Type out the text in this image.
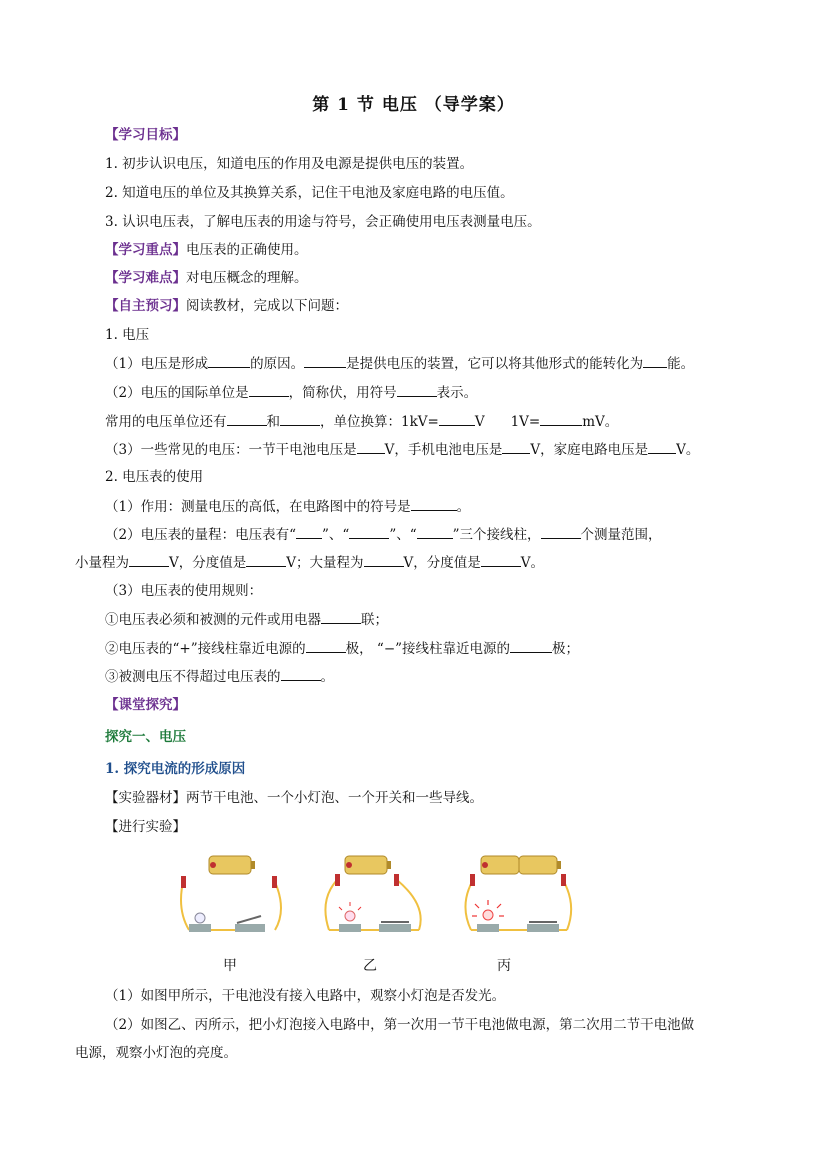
第 1 节 电压 （导学案）
【学习目标】
1. 初步认识电压，知道电压的作用及电源是提供电压的装置。
2. 知道电压的单位及其换算关系，记住干电池及家庭电路的电压值。
3. 认识电压表，了解电压表的用途与符号，会正确使用电压表测量电压。
【学习重点】电压表的正确使用。
【学习难点】对电压概念的理解。
【自主预习】阅读教材，完成以下问题：
1. 电压
（1）电压是形成	的原因。	是提供电压的装置，它可以将其他形式的能转化为 能。
（2）电压的国际单位是	，简称伏，用符号	表示。
常用的电压单位还有	和	，单位换算：1kV=	V 1V=	mV。
（3）一些常见的电压：一节干电池电压是 V，手机电池电压是 V，家庭电路电压是 V。
2. 电压表的使用
（1）作用：测量电压的高低，在电路图中的符号是	。
（2）电压表的量程：电压表有“ ”、“	”、“	”三个接线柱，	个测量范围，
小量程为	V，分度值是	V；大量程为	V，分度值是	V。
（3）电压表的使用规则：
①电压表必须和被测的元件或用电器	联；
②电压表的“+”接线柱靠近电源的	极， “−”接线柱靠近电源的	极；
③被测电压不得超过电压表的	。
【课堂探究】
探究一、电压
1. 探究电流的形成原因
【实验器材】两节干电池、一个小灯泡、一个开关和一些导线。
【进行实验】
甲	乙	丙
（1）如图甲所示，干电池没有接入电路中，观察小灯泡是否发光。
（2）如图乙、丙所示，把小灯泡接入电路中，第一次用一节干电池做电源，第二次用二节干电池做
电源，观察小灯泡的亮度。
